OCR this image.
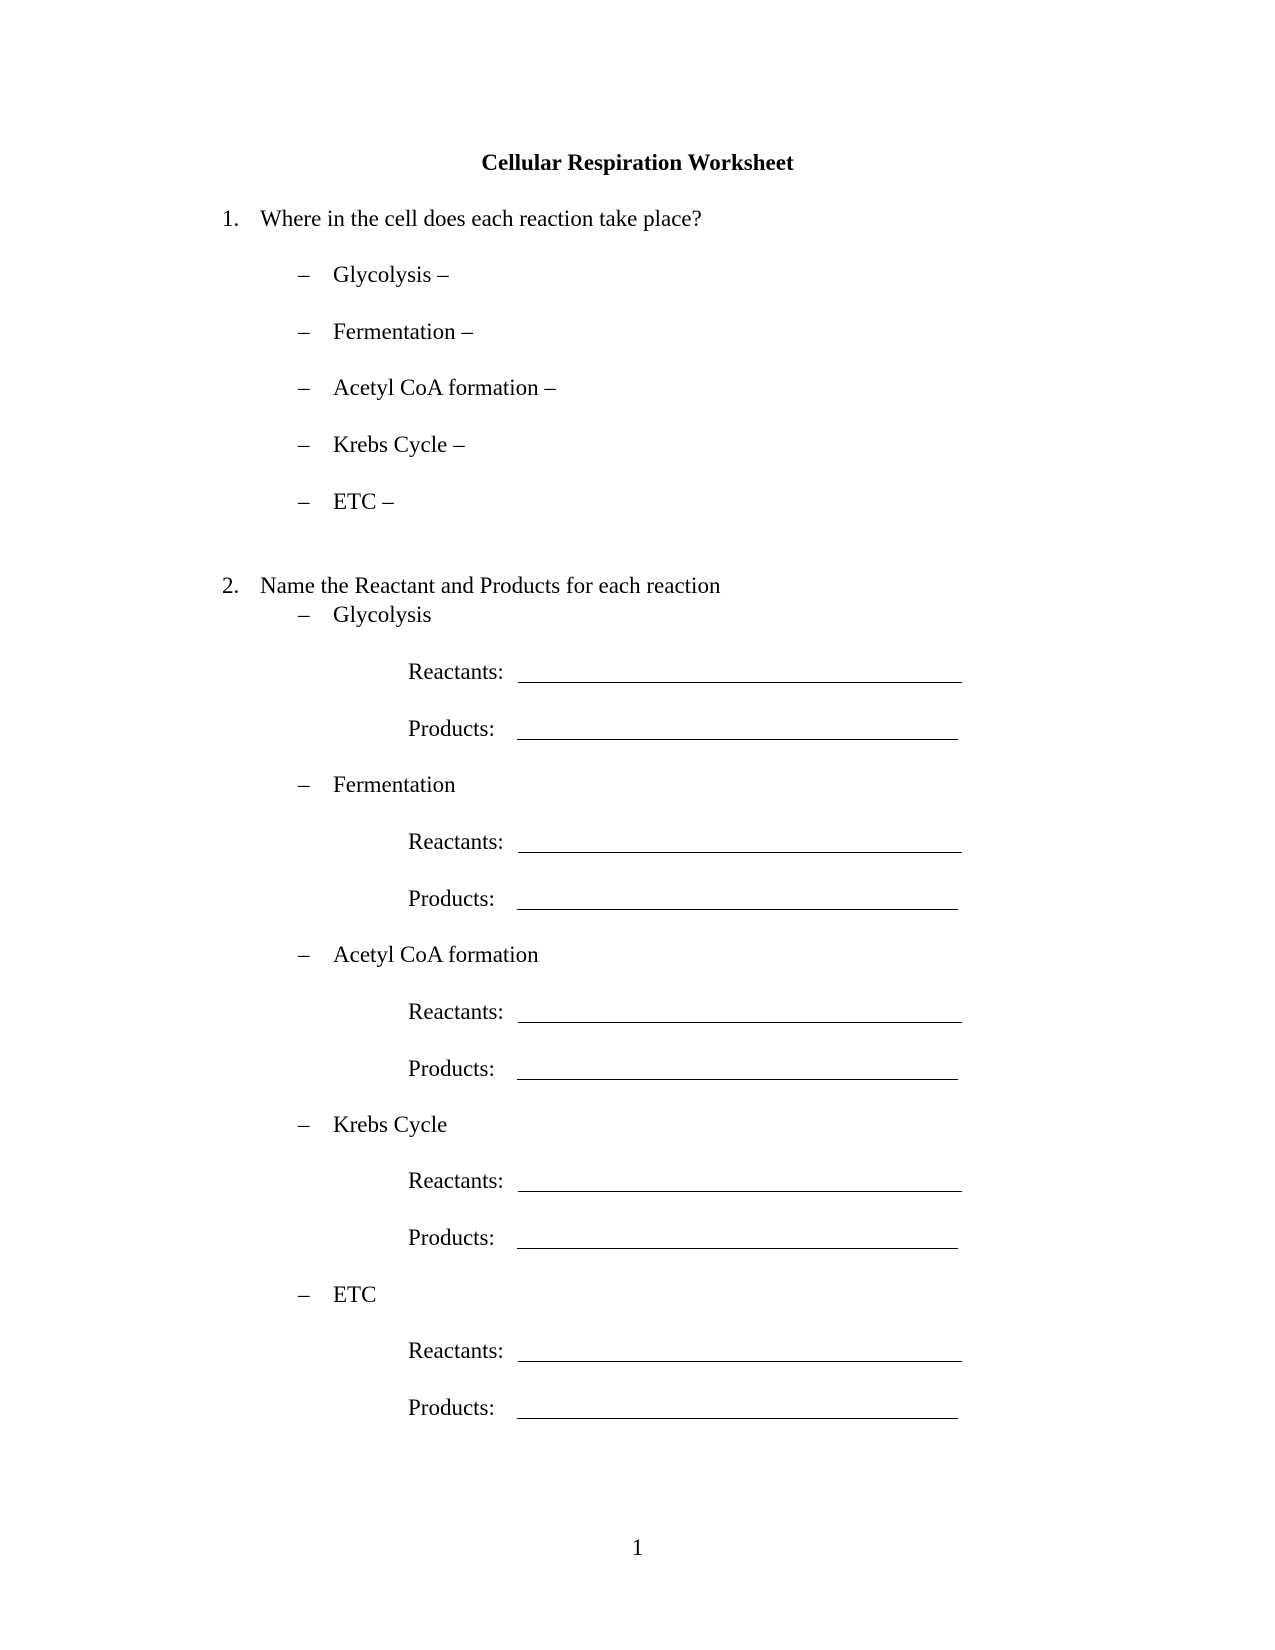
Cellular Respiration Worksheet
1. Where in the cell does each reaction take place?
– Glycolysis –
– Fermentation –
– Acetyl CoA formation –
– Krebs Cycle –
– ETC –
2. Name the Reactant and Products for each reaction
– Glycolysis
Reactants:
Products:
– Fermentation
Reactants:
Products:
– Acetyl CoA formation
Reactants:
Products:
– Krebs Cycle
Reactants:
Products:
– ETC
Reactants:
Products:
1
